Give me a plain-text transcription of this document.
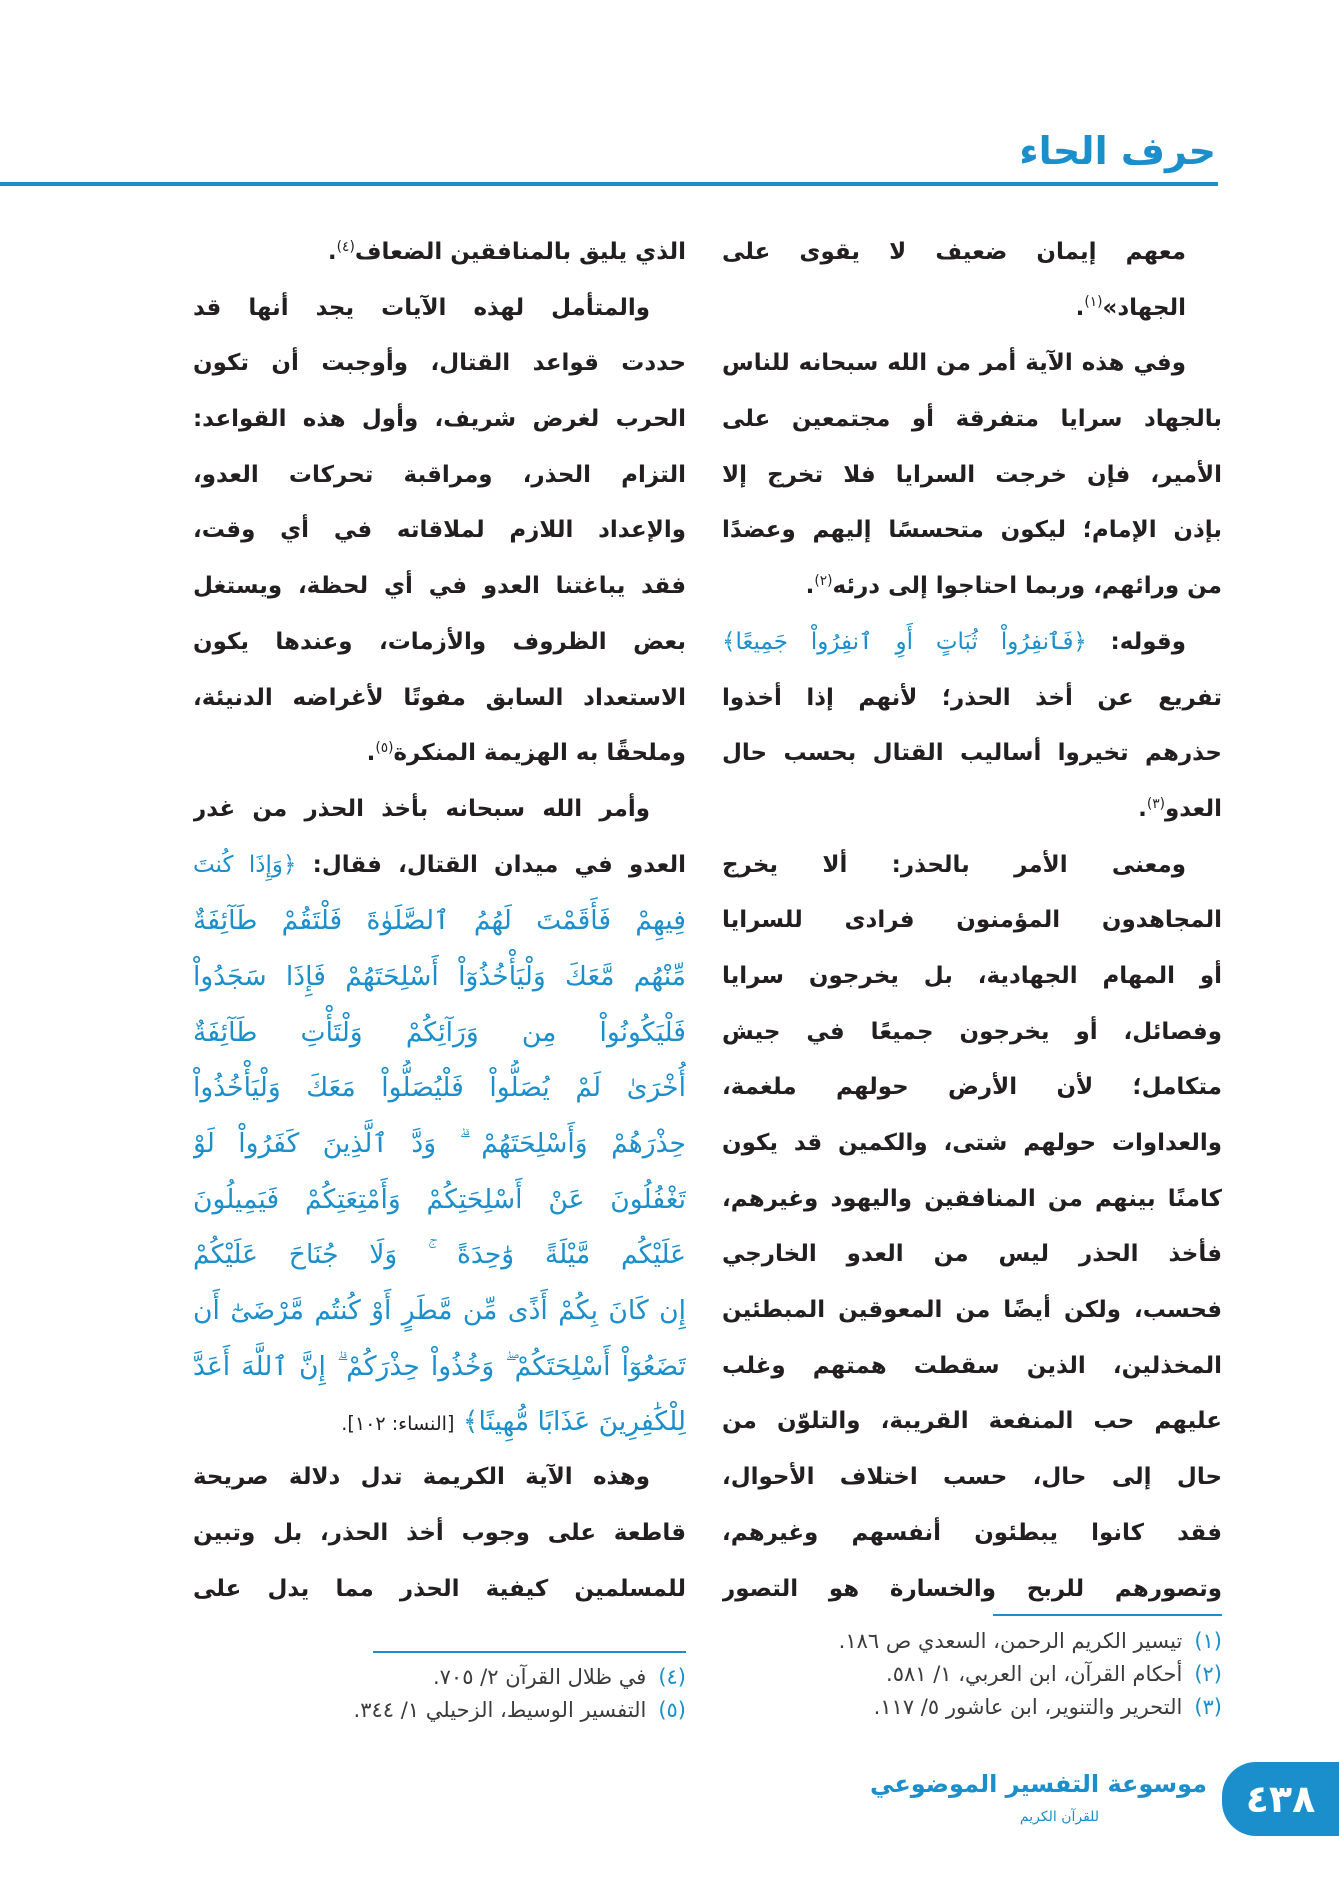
حرف الحاء
معهم إيمان ضعيف لا يقوى على
الجهاد»$^{(١)}$.
وفي هذه الآية أمر من الله سبحانه للناس
بالجهاد سرايا متفرقة أو مجتمعين على
الأمير، فإن خرجت السرايا فلا تخرج إلا
بإذن الإمام؛ ليكون متحسسًا إليهم وعضدًا
من ورائهم، وربما احتاجوا إلى درئه$^{(٢)}$.
وقوله: ﴿فَٱنفِرُواْ ثُبَاتٍ أَوِ ٱنفِرُواْ جَمِيعًا﴾
تفريع عن أخذ الحذر؛ لأنهم إذا أخذوا
حذرهم تخيروا أساليب القتال بحسب حال
العدو$^{(٣)}$.
ومعنى الأمر بالحذر: ألا يخرج
المجاهدون المؤمنون فرادى للسرايا
أو المهام الجهادية، بل يخرجون سرايا
وفصائل، أو يخرجون جميعًا في جيش
متكامل؛ لأن الأرض حولهم ملغمة،
والعداوات حولهم شتى، والكمين قد يكون
كامنًا بينهم من المنافقين واليهود وغيرهم،
فأخذ الحذر ليس من العدو الخارجي
فحسب، ولكن أيضًا من المعوقين المبطئين
المخذلين، الذين سقطت همتهم وغلب
عليهم حب المنفعة القريبة، والتلوّن من
حال إلى حال، حسب اختلاف الأحوال،
فقد كانوا يبطئون أنفسهم وغيرهم،
وتصورهم للربح والخسارة هو التصور
الذي يليق بالمنافقين الضعاف$^{(٤)}$.
والمتأمل لهذه الآيات يجد أنها قد
حددت قواعد القتال، وأوجبت أن تكون
الحرب لغرض شريف، وأول هذه القواعد:
التزام الحذر، ومراقبة تحركات العدو،
والإعداد اللازم لملاقاته في أي وقت،
فقد يباغتنا العدو في أي لحظة، ويستغل
بعض الظروف والأزمات، وعندها يكون
الاستعداد السابق مفوتًا لأغراضه الدنيئة،
وملحقًا به الهزيمة المنكرة$^{(٥)}$.
وأمر الله سبحانه بأخذ الحذر من غدر
العدو في ميدان القتال، فقال: ﴿وَإِذَا كُنتَ
فِيهِمْ فَأَقَمْتَ لَهُمُ ٱلصَّلَوٰةَ فَلْتَقُمْ طَآئِفَةٌ
مِّنْهُم مَّعَكَ وَلْيَأْخُذُوٓاْ أَسْلِحَتَهُمْ فَإِذَا سَجَدُواْ
فَلْيَكُونُواْ مِن وَرَآئِكُمْ وَلْتَأْتِ طَآئِفَةٌ
أُخْرَىٰ لَمْ يُصَلُّواْ فَلْيُصَلُّواْ مَعَكَ وَلْيَأْخُذُواْ
حِذْرَهُمْ وَأَسْلِحَتَهُمْ ۗ وَدَّ ٱلَّذِينَ كَفَرُواْ لَوْ
تَغْفُلُونَ عَنْ أَسْلِحَتِكُمْ وَأَمْتِعَتِكُمْ فَيَمِيلُونَ
عَلَيْكُم مَّيْلَةً وَٰحِدَةً ۚ وَلَا جُنَاحَ عَلَيْكُمْ
إِن كَانَ بِكُمْ أَذًى مِّن مَّطَرٍ أَوْ كُنتُم مَّرْضَىٰٓ أَن
تَضَعُوٓاْ أَسْلِحَتَكُمْ ۖ وَخُذُواْ حِذْرَكُمْ ۗ إِنَّ ٱللَّهَ أَعَدَّ
لِلْكَٰفِرِينَ عَذَابًا مُّهِينًا﴾ [النساء: ١٠٢].
وهذه الآية الكريمة تدل دلالة صريحة
قاطعة على وجوب أخذ الحذر، بل وتبين
للمسلمين كيفية الحذر مما يدل على
(١)تيسير الكريم الرحمن، السعدي ص ١٨٦.
(٢)أحكام القرآن، ابن العربي، ١/ ٥٨١.
(٣)التحرير والتنوير، ابن عاشور ٥/ ١١٧.
(٤)في ظلال القرآن ٢/ ٧٠٥.
(٥)التفسير الوسيط، الزحيلي ١/ ٣٤٤.
موسوعة التفسير الموضوعي
للقرآن الكريم	٤٣٨
